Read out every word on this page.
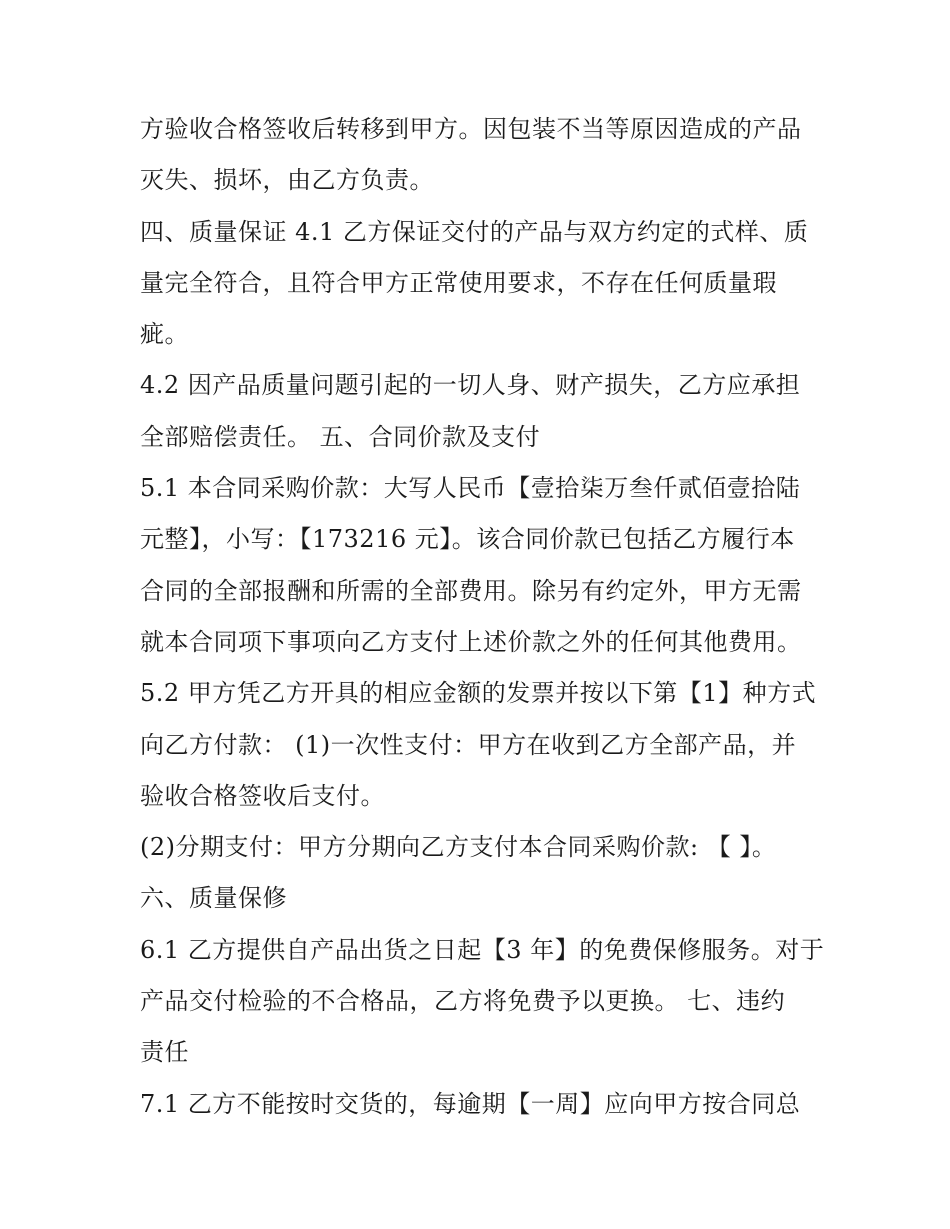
方验收合格签收后转移到甲方。因包装不当等原因造成的产品
灭失、损坏，由乙方负责。
四、质量保证 4.1 乙方保证交付的产品与双方约定的式样、质
量完全符合，且符合甲方正常使用要求，不存在任何质量瑕
疵。
4.2 因产品质量问题引起的一切人身、财产损失，乙方应承担
全部赔偿责任。 五、合同价款及支付
5.1 本合同采购价款：大写人民币【壹拾柒万叁仟贰佰壹拾陆
元整】，小写：【173216 元】。该合同价款已包括乙方履行本
合同的全部报酬和所需的全部费用。除另有约定外，甲方无需
就本合同项下事项向乙方支付上述价款之外的任何其他费用。
5.2 甲方凭乙方开具的相应金额的发票并按以下第【1】种方式
向乙方付款： (1)一次性支付：甲方在收到乙方全部产品，并
验收合格签收后支付。
(2)分期支付：甲方分期向乙方支付本合同采购价款: 【 】。
六、质量保修
6.1 乙方提供自产品出货之日起【3 年】的免费保修服务。对于
产品交付检验的不合格品，乙方将免费予以更换。 七、违约
责任
7.1 乙方不能按时交货的，每逾期【一周】应向甲方按合同总
